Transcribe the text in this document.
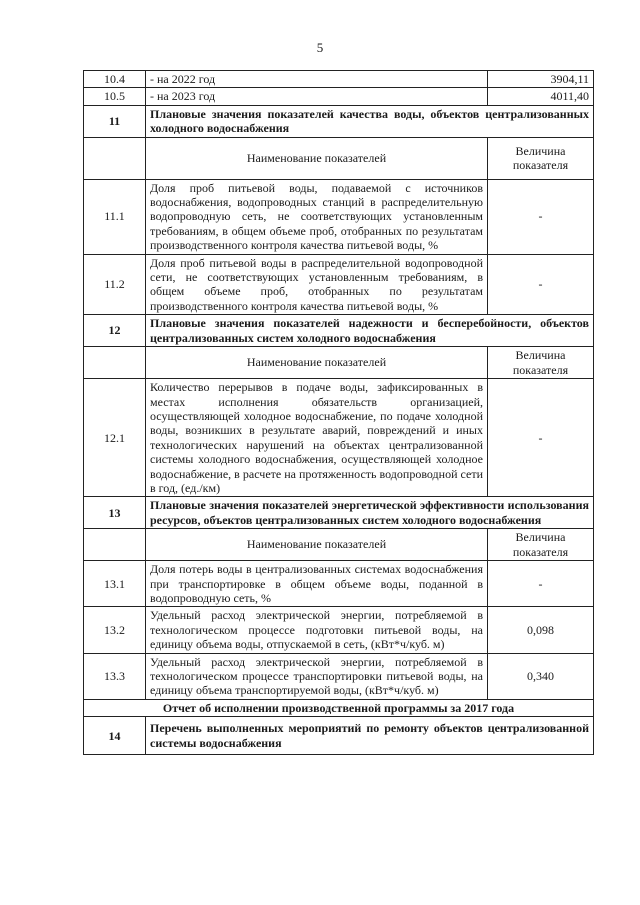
5
10.4	- на 2022 год	3904,11
10.5	- на 2023 год	4011,40
11	Плановые значения показателей качества воды, объектов централизованных холодного водоснабжения	
	Наименование показателей	Величина показателя
11.1	Доля проб питьевой воды, подаваемой с источников водоснабжения, водопроводных станций в распределительную водопроводную сеть, не соответствующих установленным требованиям, в общем объеме проб, отобранных по результатам производственного контроля качества питьевой воды, %	-
11.2	Доля проб питьевой воды в распределительной водопроводной сети, не соответствующих установленным требованиям, в общем объеме проб, отобранных по результатам производственного контроля качества питьевой воды, %	-
12	Плановые значения показателей надежности и бесперебойности, объектов централизованных систем холодного водоснабжения	
	Наименование показателей	Величина показателя
12.1	Количество перерывов в подаче воды, зафиксированных в местах исполнения обязательств организацией, осуществляющей холодное водоснабжение, по подаче холодной воды, возникших в результате аварий, повреждений и иных технологических нарушений на объектах централизованной системы холодного водоснабжения, осуществляющей холодное водоснабжение, в расчете на протяженность водопроводной сети в год, (ед./км)	-
13	Плановые значения показателей энергетической эффективности использования ресурсов, объектов централизованных систем холодного водоснабжения	
	Наименование показателей	Величина показателя
13.1	Доля потерь воды в централизованных системах водоснабжения при транспортировке в общем объеме воды, поданной в водопроводную сеть, %	-
13.2	Удельный расход электрической энергии, потребляемой в технологическом процессе подготовки питьевой воды, на единицу объема воды, отпускаемой в сеть, (кВт*ч/куб. м)	0,098
13.3	Удельный расход электрической энергии, потребляемой в технологическом процессе транспортировки питьевой воды, на единицу объема транспортируемой воды, (кВт*ч/куб. м)	0,340
Отчет об исполнении производственной программы за 2017 года		
14	Перечень выполненных мероприятий по ремонту объектов централизованной системы водоснабжения	
